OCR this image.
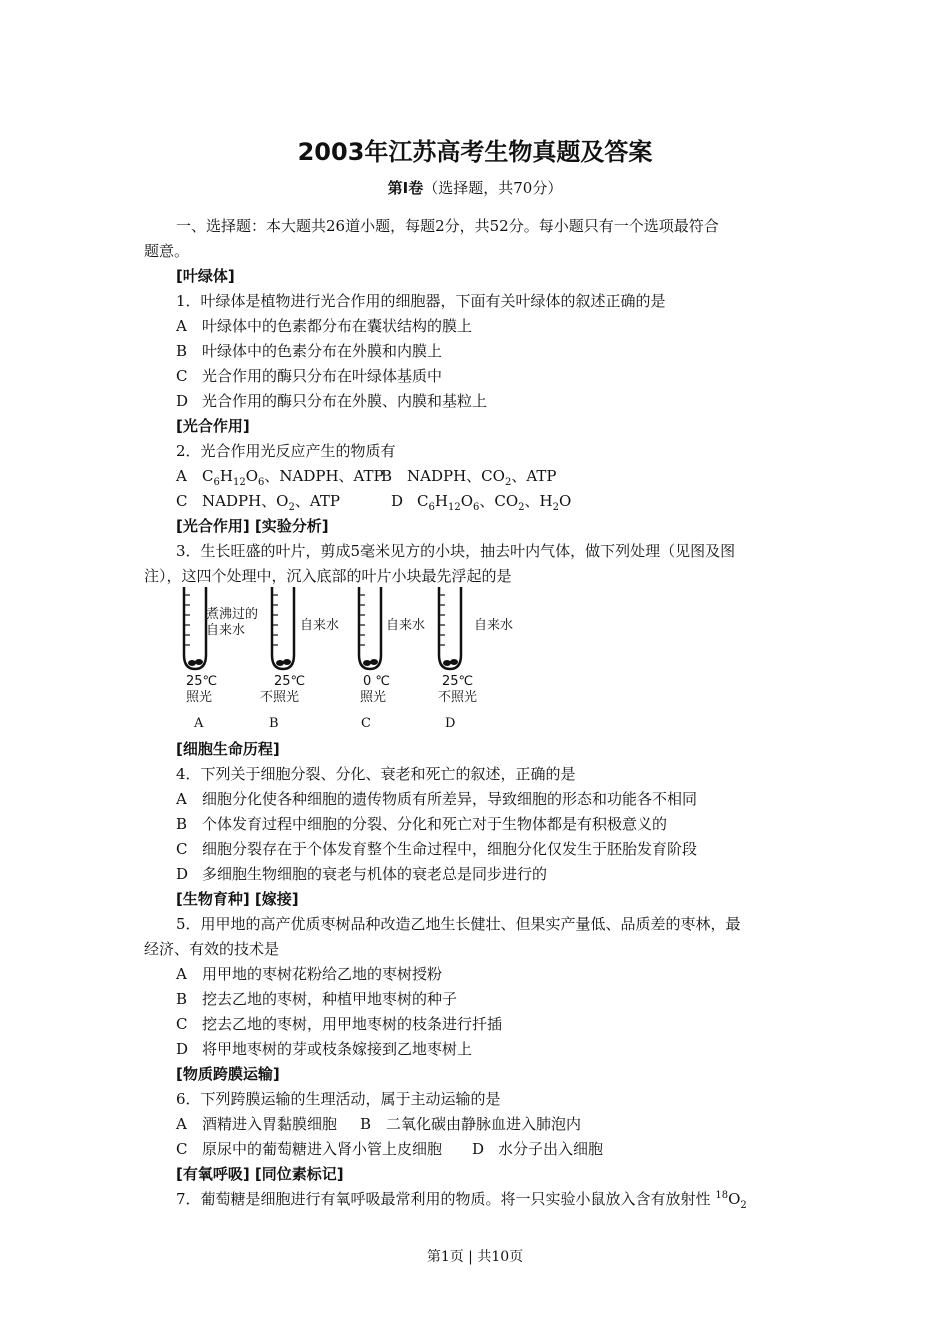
2003年江苏高考生物真题及答案
第Ⅰ卷（选择题，共70分）
一、选择题：本大题共26道小题，每题2分，共52分。每小题只有一个选项最符合
题意。
[叶绿体]
1．叶绿体是植物进行光合作用的细胞器，下面有关叶绿体的叙述正确的是
A 叶绿体中的色素都分布在囊状结构的膜上
B 叶绿体中的色素分布在外膜和内膜上
C 光合作用的酶只分布在叶绿体基质中
D 光合作用的酶只分布在外膜、内膜和基粒上
[光合作用]
2．光合作用光反应产生的物质有
A $C_6H_{12}O_6$、NADPH、ATP
B NADPH、$CO_2$、ATP
C NADPH、$O_2$、ATP	D $C_6H_{12}O_6$、$CO_2$、$H_2O$
[光合作用] [实验分析]
3．生长旺盛的叶片，剪成5毫米见方的小块，抽去叶内气体，做下列处理（见图及图
注），这四个处理中，沉入底部的叶片小块最先浮起的是
煮沸过的
自来水
25℃
照光
A
自来水
25℃
不照光
B
自来水
0 ℃
照光
C
自来水
25℃
不照光
D
[细胞生命历程]
4．下列关于细胞分裂、分化、衰老和死亡的叙述，正确的是
A 细胞分化使各种细胞的遗传物质有所差异，导致细胞的形态和功能各不相同
B 个体发育过程中细胞的分裂、分化和死亡对于生物体都是有积极意义的
C 细胞分裂存在于个体发育整个生命过程中，细胞分化仅发生于胚胎发育阶段
D 多细胞生物细胞的衰老与机体的衰老总是同步进行的
[生物育种] [嫁接]
5．用甲地的高产优质枣树品种改造乙地生长健壮、但果实产量低、品质差的枣林，最
经济、有效的技术是
A 用甲地的枣树花粉给乙地的枣树授粉
B 挖去乙地的枣树，种植甲地枣树的种子
C 挖去乙地的枣树，用甲地枣树的枝条进行扦插
D 将甲地枣树的芽或枝条嫁接到乙地枣树上
[物质跨膜运输]
6．下列跨膜运输的生理活动，属于主动运输的是
A 酒精进入胃黏膜细胞 B 二氧化碳由静脉血进入肺泡内
C 原尿中的葡萄糖进入肾小管上皮细胞 D 水分子出入细胞
[有氧呼吸] [同位素标记]
7．葡萄糖是细胞进行有氧呼吸最常利用的物质。将一只实验小鼠放入含有放射性 $^{18}O_2$
第1页 | 共10页
